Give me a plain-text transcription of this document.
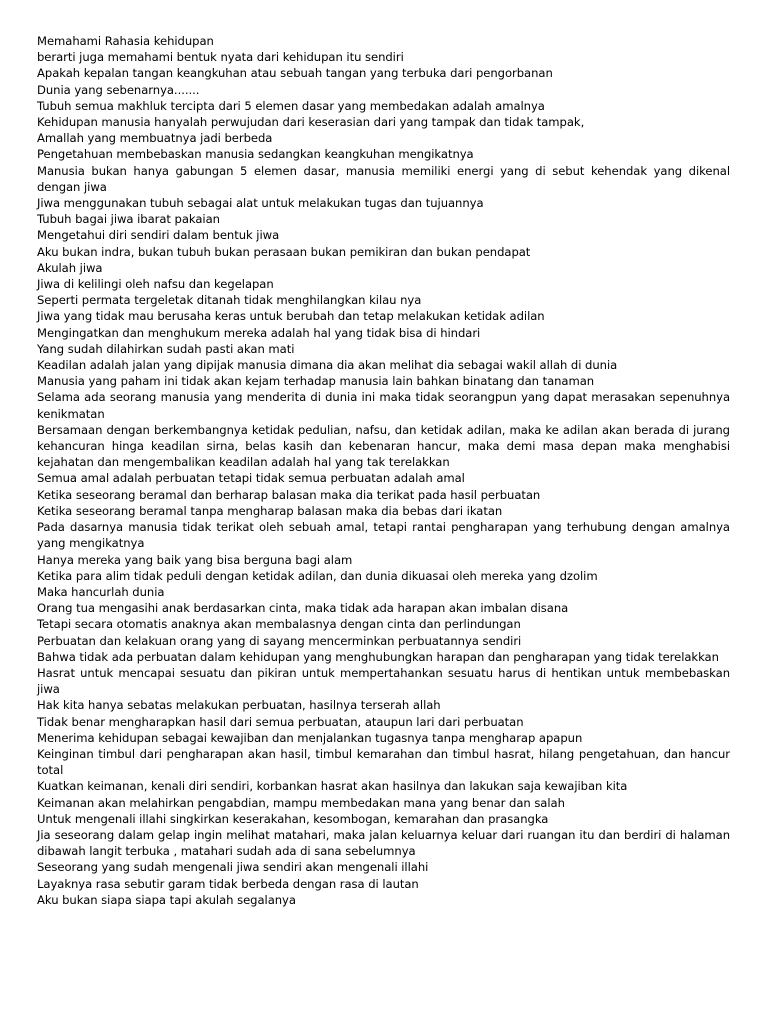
Memahami Rahasia kehidupan

berarti juga memahami bentuk nyata dari kehidupan itu sendiri

Apakah kepalan tangan keangkuhan atau sebuah tangan yang terbuka dari pengorbanan

Dunia yang sebenarnya.......

Tubuh semua makhluk tercipta dari 5 elemen dasar yang membedakan adalah amalnya

Kehidupan manusia hanyalah perwujudan dari keserasian dari yang tampak dan tidak tampak,

Amallah yang membuatnya jadi berbeda

Pengetahuan membebaskan manusia sedangkan keangkuhan mengikatnya

Manusia bukan hanya gabungan 5 elemen dasar, manusia memiliki energi yang di sebut kehendak yang dikenal dengan jiwa

Jiwa menggunakan tubuh sebagai alat untuk melakukan tugas dan tujuannya

Tubuh bagai jiwa ibarat pakaian

Mengetahui diri sendiri dalam bentuk jiwa

Aku bukan indra, bukan tubuh bukan perasaan bukan pemikiran dan bukan pendapat

Akulah jiwa

Jiwa di kelilingi oleh nafsu dan kegelapan

Seperti permata tergeletak ditanah tidak menghilangkan kilau nya

Jiwa yang tidak mau berusaha keras untuk berubah dan tetap melakukan ketidak adilan

Mengingatkan dan menghukum mereka adalah hal yang tidak bisa di hindari

Yang sudah dilahirkan sudah pasti akan mati

Keadilan adalah jalan yang dipijak manusia dimana dia akan melihat dia sebagai wakil allah di dunia

Manusia yang paham ini tidak akan kejam terhadap manusia lain bahkan binatang dan tanaman

Selama ada seorang manusia yang menderita di dunia ini maka tidak seorangpun yang dapat merasakan sepenuhnya kenikmatan

Bersamaan dengan berkembangnya ketidak pedulian, nafsu, dan ketidak adilan, maka ke adilan akan berada di jurang kehancuran hinga keadilan sirna, belas kasih dan kebenaran hancur, maka demi masa depan maka menghabisi kejahatan dan mengembalikan keadilan adalah hal yang tak terelakkan

Semua amal adalah perbuatan tetapi tidak semua perbuatan adalah amal

Ketika seseorang beramal dan berharap balasan maka dia terikat pada hasil perbuatan

Ketika seseorang beramal tanpa mengharap balasan maka dia bebas dari ikatan

Pada dasarnya manusia tidak terikat oleh sebuah amal, tetapi rantai pengharapan yang terhubung dengan amalnya yang mengikatnya

Hanya mereka yang baik yang bisa berguna bagi alam

Ketika para alim tidak peduli dengan ketidak adilan, dan dunia dikuasai oleh mereka yang dzolim

Maka hancurlah dunia

Orang tua mengasihi anak berdasarkan cinta, maka tidak ada harapan akan imbalan disana

Tetapi secara otomatis anaknya akan membalasnya dengan cinta dan perlindungan

Perbuatan dan kelakuan orang yang di sayang mencerminkan perbuatannya sendiri

Bahwa tidak ada perbuatan dalam kehidupan yang menghubungkan harapan dan pengharapan yang tidak terelakkan

Hasrat untuk mencapai sesuatu dan pikiran untuk mempertahankan sesuatu harus di hentikan untuk membebaskan jiwa

Hak kita hanya sebatas melakukan perbuatan, hasilnya terserah allah

Tidak benar mengharapkan hasil dari semua perbuatan, ataupun lari dari perbuatan

Menerima kehidupan sebagai kewajiban dan menjalankan tugasnya tanpa mengharap apapun

Keinginan timbul dari pengharapan akan hasil, timbul kemarahan dan timbul hasrat, hilang pengetahuan, dan hancur total

Kuatkan keimanan, kenali diri sendiri, korbankan hasrat akan hasilnya dan lakukan saja kewajiban kita

Keimanan akan melahirkan pengabdian, mampu membedakan mana yang benar dan salah

Untuk mengenali illahi singkirkan keserakahan, kesombogan, kemarahan dan prasangka

Jia seseorang dalam gelap ingin melihat matahari, maka jalan keluarnya keluar dari ruangan itu dan berdiri di halaman dibawah langit terbuka , matahari sudah ada di sana sebelumnya

Seseorang yang sudah mengenali jiwa sendiri akan mengenali illahi

Layaknya rasa sebutir garam tidak berbeda dengan rasa di lautan

Aku bukan siapa siapa tapi akulah segalanya
